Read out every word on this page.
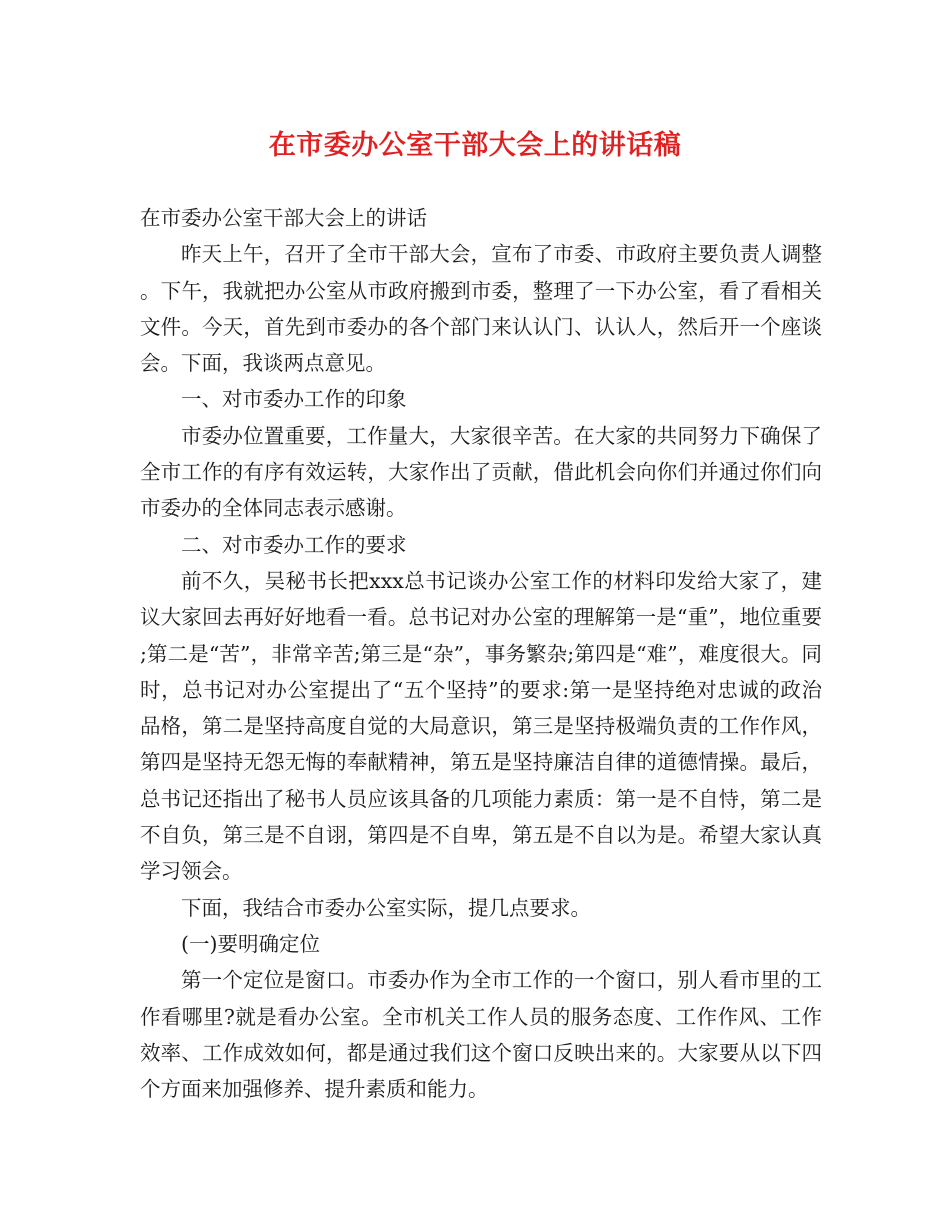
在市委办公室干部大会上的讲话稿

在市委办公室干部大会上的讲话

昨天上午，召开了全市干部大会，宣布了市委、市政府主要负责人调整。下午，我就把办公室从市政府搬到市委，整理了一下办公室，看了看相关文件。今天，首先到市委办的各个部门来认认门、认认人，然后开一个座谈会。下面，我谈两点意见。

一、对市委办工作的印象

市委办位置重要，工作量大，大家很辛苦。在大家的共同努力下确保了全市工作的有序有效运转，大家作出了贡献，借此机会向你们并通过你们向市委办的全体同志表示感谢。

二、对市委办工作的要求

前不久，吴秘书长把xxx总书记谈办公室工作的材料印发给大家了，建议大家回去再好好地看一看。总书记对办公室的理解第一是“重”，地位重要;第二是“苦”，非常辛苦;第三是“杂”，事务繁杂;第四是“难”，难度很大。同时，总书记对办公室提出了“五个坚持”的要求:第一是坚持绝对忠诚的政治品格，第二是坚持高度自觉的大局意识，第三是坚持极端负责的工作作风，第四是坚持无怨无悔的奉献精神，第五是坚持廉洁自律的道德情操。最后，总书记还指出了秘书人员应该具备的几项能力素质：第一是不自恃，第二是不自负，第三是不自诩，第四是不自卑，第五是不自以为是。希望大家认真学习领会。

下面，我结合市委办公室实际，提几点要求。

(一)要明确定位

第一个定位是窗口。市委办作为全市工作的一个窗口，别人看市里的工作看哪里?就是看办公室。全市机关工作人员的服务态度、工作作风、工作效率、工作成效如何，都是通过我们这个窗口反映出来的。大家要从以下四个方面来加强修养、提升素质和能力。
